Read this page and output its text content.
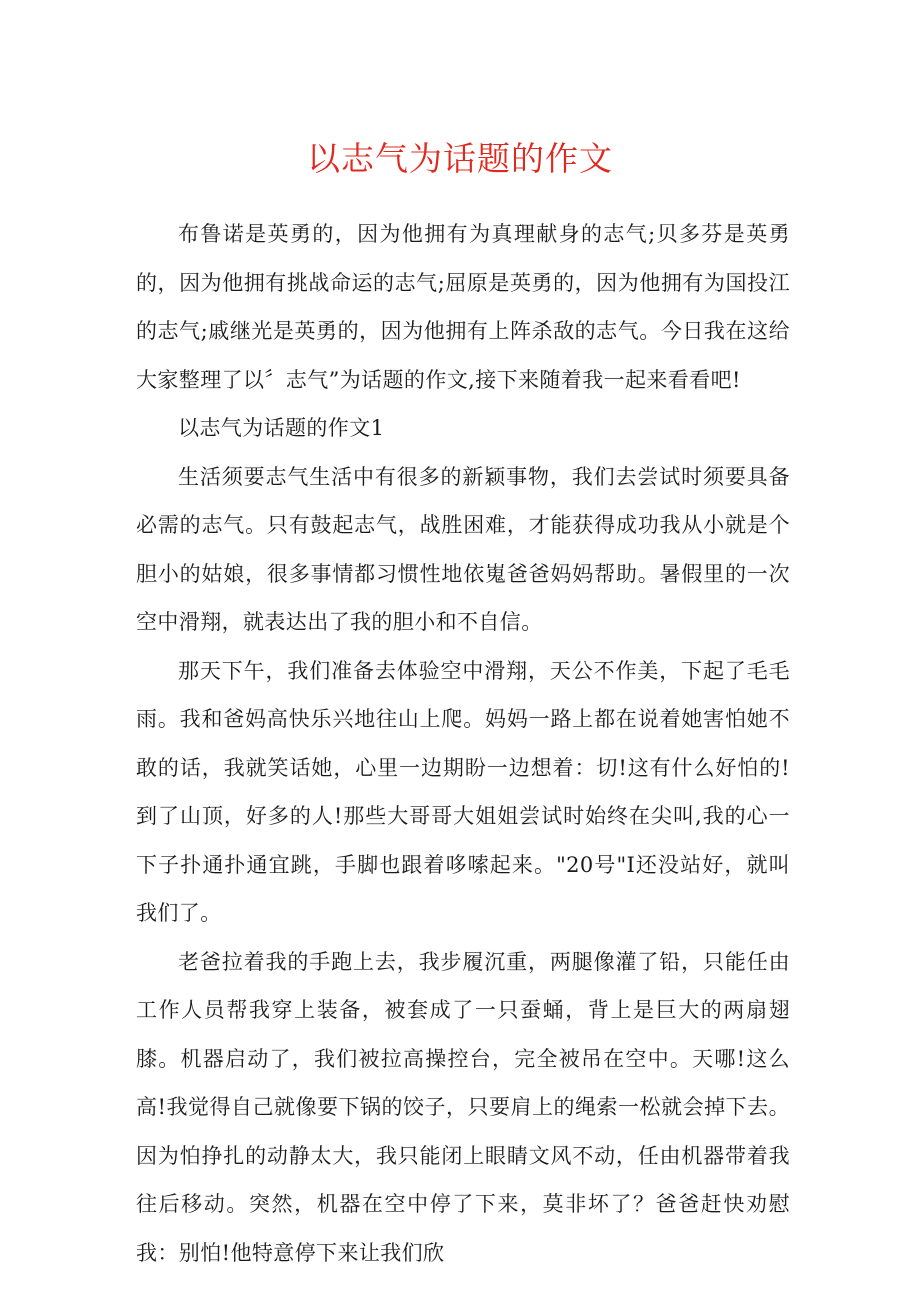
以志气为话题的作文

布鲁诺是英勇的，因为他拥有为真理献身的志气;贝多芬是英勇的，因为他拥有挑战命运的志气;屈原是英勇的，因为他拥有为国投江的志气;戚继光是英勇的，因为他拥有上阵杀敌的志气。今日我在这给大家整理了以〞志气”为话题的作文,接下来随着我一起来看看吧!

以志气为话题的作文1

生活须要志气生活中有很多的新颖事物，我们去尝试时须要具备必需的志气。只有鼓起志气，战胜困难，才能获得成功我从小就是个胆小的姑娘，很多事情都习惯性地依嵬爸爸妈妈帮助。暑假里的一次空中滑翔，就表达出了我的胆小和不自信。

那天下午，我们准备去体验空中滑翔，天公不作美，下起了毛毛雨。我和爸妈高快乐兴地往山上爬。妈妈一路上都在说着她害怕她不敢的话，我就笑话她，心里一边期盼一边想着：切!这有什么好怕的!到了山顶，好多的人!那些大哥哥大姐姐尝试时始终在尖叫,我的心一下子扑通扑通宜跳，手脚也跟着哆嗦起来。"20号"I还没站好，就叫我们了。

老爸拉着我的手跑上去，我步履沉重，两腿像灌了铅，只能任由工作人员帮我穿上装备，被套成了一只蚕蛹，背上是巨大的两扇翅膝。机器启动了，我们被拉高操控台，完全被吊在空中。天哪!这么高!我觉得自己就像要下锅的饺子，只要肩上的绳索一松就会掉下去。因为怕挣扎的动静太大，我只能闭上眼睛文风不动，任由机器带着我往后移动。突然，机器在空中停了下来，莫非坏了？爸爸赶快劝慰我：别怕!他特意停下来让我们欣
